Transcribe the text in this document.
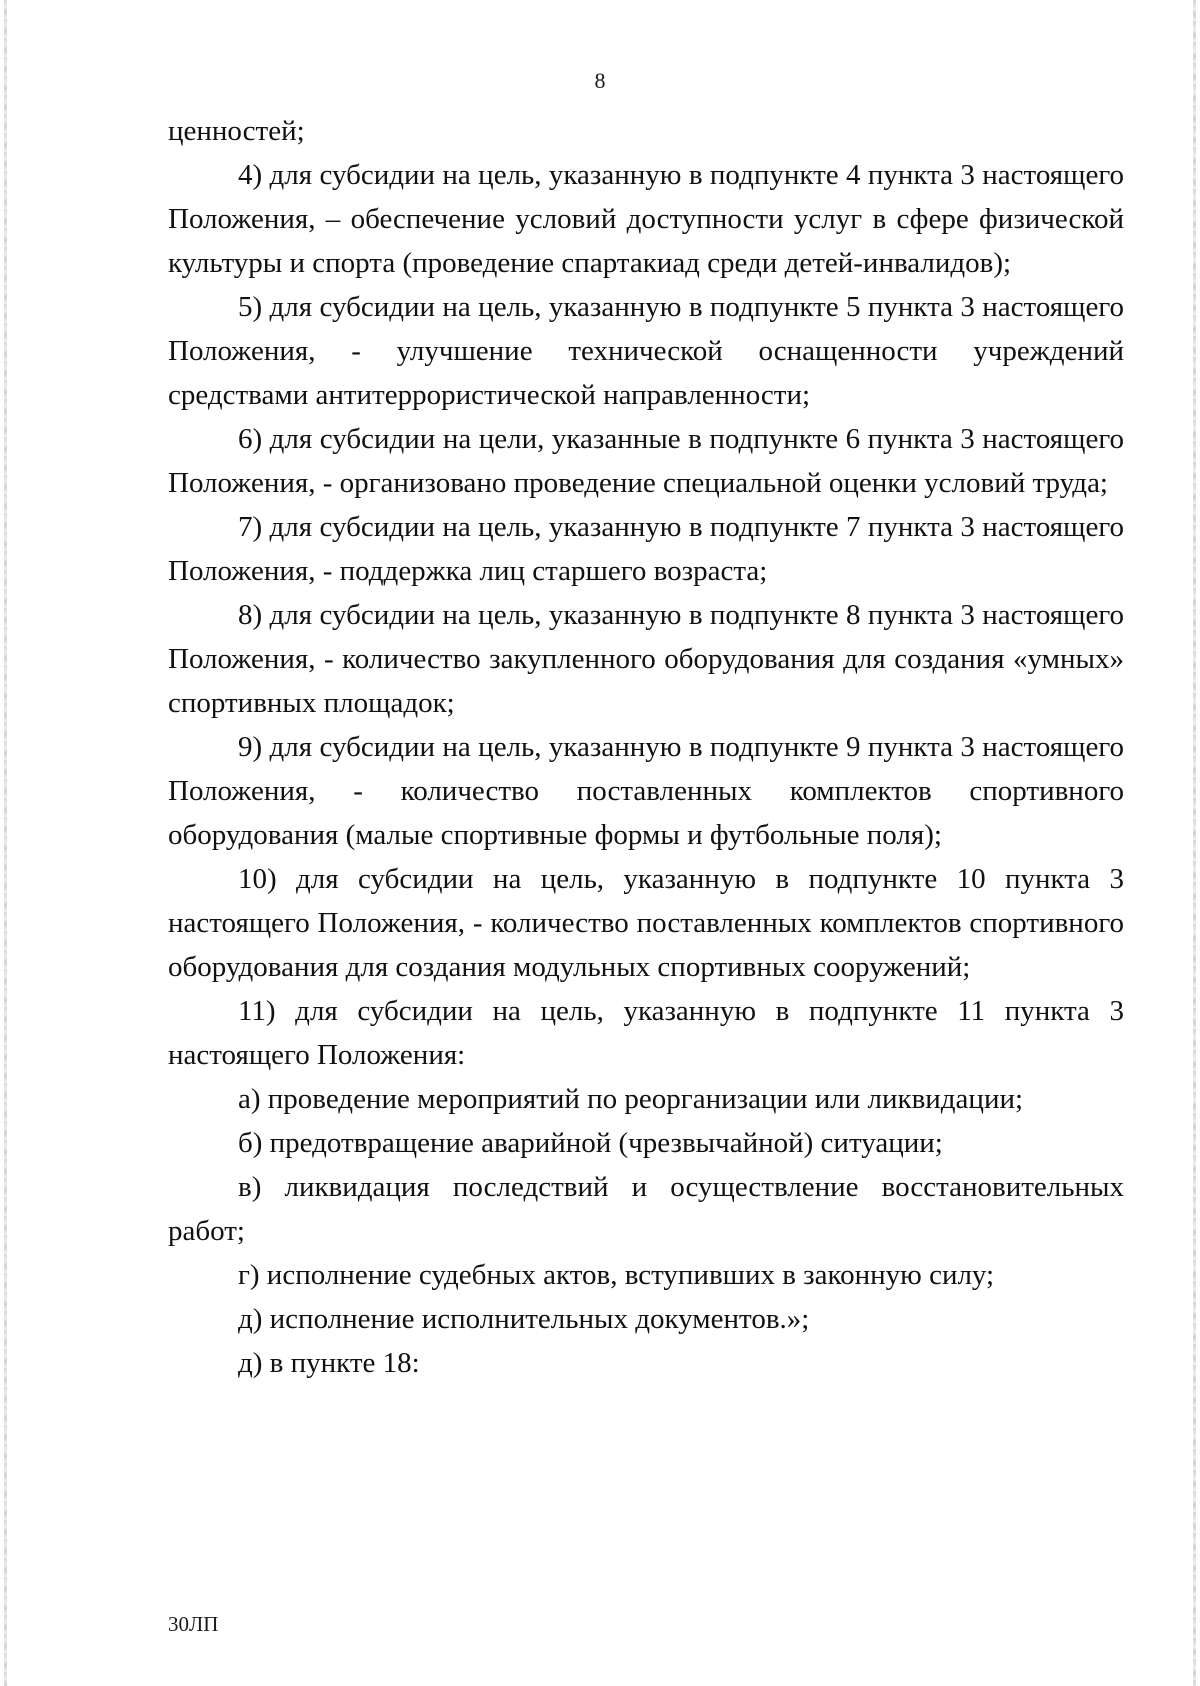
8

ценностей;

4) для субсидии на цель, указанную в подпункте 4 пункта 3 настоящего Положения, – обеспечение условий доступности услуг в сфере физической культуры и спорта (проведение спартакиад среди детей-инвалидов);

5) для субсидии на цель, указанную в подпункте 5 пункта 3 настоящего Положения, - улучшение технической оснащенности учреждений средствами антитеррористической направленности;

6) для субсидии на цели, указанные в подпункте 6 пункта 3 настоящего Положения, - организовано проведение специальной оценки условий труда;

7) для субсидии на цель, указанную в подпункте 7 пункта 3 настоящего Положения, - поддержка лиц старшего возраста;

8) для субсидии на цель, указанную в подпункте 8 пункта 3 настоящего Положения, - количество закупленного оборудования для создания «умных» спортивных площадок;

9) для субсидии на цель, указанную в подпункте 9 пункта 3 настоящего Положения, - количество поставленных комплектов спортивного оборудования (малые спортивные формы и футбольные поля);

10) для субсидии на цель, указанную в подпункте 10 пункта 3 настоящего Положения, - количество поставленных комплектов спортивного оборудования для создания модульных спортивных сооружений;

11) для субсидии на цель, указанную в подпункте 11 пункта 3 настоящего Положения:

а) проведение мероприятий по реорганизации или ликвидации;

б) предотвращение аварийной (чрезвычайной) ситуации;

в) ликвидация последствий и осуществление восстановительных работ;

г) исполнение судебных актов, вступивших в законную силу;

д) исполнение исполнительных документов.»;

д) в пункте 18:

30ЛП
